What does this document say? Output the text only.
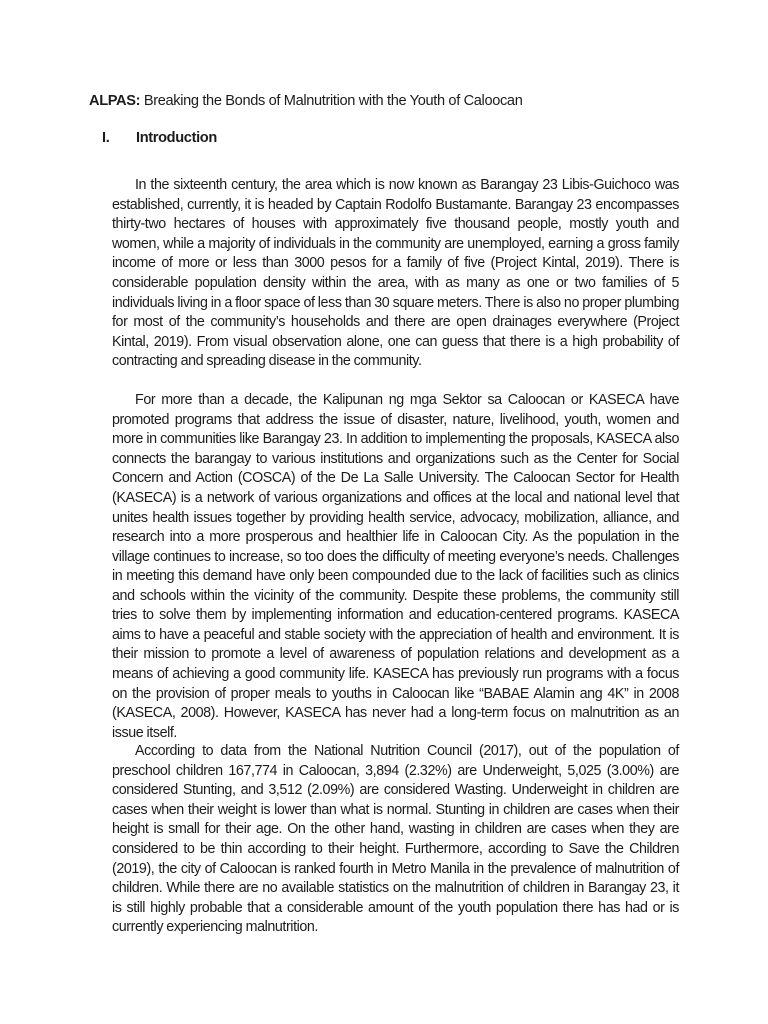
ALPAS: Breaking the Bonds of Malnutrition with the Youth of Caloocan
I. Introduction

In the sixteenth century, the area which is now known as Barangay 23 Libis-Guichoco was established, currently, it is headed by Captain Rodolfo Bustamante. Barangay 23 encompasses thirty-two hectares of houses with approximately five thousand people, mostly youth and women, while a majority of individuals in the community are unemployed, earning a gross family income of more or less than 3000 pesos for a family of five (Project Kintal, 2019). There is considerable population density within the area, with as many as one or two families of 5 individuals living in a floor space of less than 30 square meters. There is also no proper plumbing for most of the community’s households and there are open drainages everywhere (Project Kintal, 2019). From visual observation alone, one can guess that there is a high probability of contracting and spreading disease in the community.

For more than a decade, the Kalipunan ng mga Sektor sa Caloocan or KASECA have promoted programs that address the issue of disaster, nature, livelihood, youth, women and more in communities like Barangay 23. In addition to implementing the proposals, KASECA also connects the barangay to various institutions and organizations such as the Center for Social Concern and Action (COSCA) of the De La Salle University. The Caloocan Sector for Health (KASECA) is a network of various organizations and offices at the local and national level that unites health issues together by providing health service, advocacy, mobilization, alliance, and research into a more prosperous and healthier life in Caloocan City. As the population in the village continues to increase, so too does the difficulty of meeting everyone’s needs. Challenges in meeting this demand have only been compounded due to the lack of facilities such as clinics and schools within the vicinity of the community. Despite these problems, the community still tries to solve them by implementing information and education-centered programs. KASECA aims to have a peaceful and stable society with the appreciation of health and environment. It is their mission to promote a level of awareness of population relations and development as a means of achieving a good community life. KASECA has previously run programs with a focus on the provision of proper meals to youths in Caloocan like “BABAE Alamin ang 4K” in 2008 (KASECA, 2008). However, KASECA has never had a long-term focus on malnutrition as an issue itself.

According to data from the National Nutrition Council (2017), out of the population of preschool children 167,774 in Caloocan, 3,894 (2.32%) are Underweight, 5,025 (3.00%) are considered Stunting, and 3,512 (2.09%) are considered Wasting. Underweight in children are cases when their weight is lower than what is normal. Stunting in children are cases when their height is small for their age. On the other hand, wasting in children are cases when they are considered to be thin according to their height. Furthermore, according to Save the Children (2019), the city of Caloocan is ranked fourth in Metro Manila in the prevalence of malnutrition of children. While there are no available statistics on the malnutrition of children in Barangay 23, it is still highly probable that a considerable amount of the youth population there has had or is currently experiencing malnutrition.
